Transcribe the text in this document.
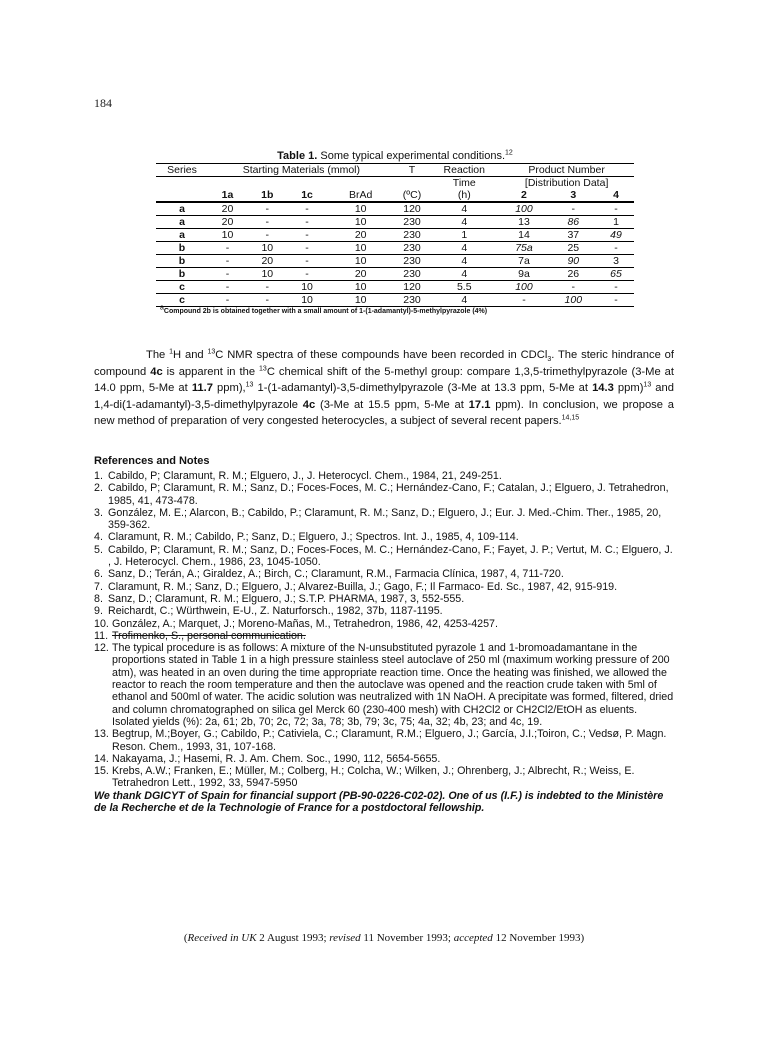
184
Table 1. Some typical experimental conditions.$^{12}$
Series	Starting Materials (mmol)				T	Reaction	Product Number		
						Time	[Distribution Data]		
	1a	1b	1c	BrAd	(ºC)	(h)	2	3	4
a	20	-	-	10	120	4	100	-	-
a	20	-	-	10	230	4	13	86	1
a	10	-	-	20	230	1	14	37	49
b	-	10	-	10	230	4	75a	25	-
b	-	20	-	10	230	4	7a	90	3
b	-	10	-	20	230	4	9a	26	65
c	-	-	10	10	120	5.5	100	-	-
c	-	-	10	10	230	4	-	100	-
$^a$Compound 2b is obtained together with a small amount of 1-(1-adamantyl)-5-methylpyrazole (4%)

The $^1$H and $^{13}$C NMR spectra of these compounds have been recorded in CDCl$_3$. The steric hindrance of compound 4c is apparent in the $^{13}$C chemical shift of the 5-methyl group: compare 1,3,5-trimethylpyrazole (3-Me at 14.0 ppm, 5-Me at 11.7 ppm),$^{13}$ 1-(1-adamantyl)-3,5-dimethylpyrazole (3-Me at 13.3 ppm, 5-Me at 14.3 ppm)$^{13}$ and 1,4-di(1-adamantyl)-3,5-dimethylpyrazole 4c (3-Me at 15.5 ppm, 5-Me at 17.1 ppm). In conclusion, we propose a new method of preparation of very congested heterocycles, a subject of several recent papers.$^{14,15}$

References and Notes
1. Cabildo, P; Claramunt, R. M.; Elguero, J., J. Heterocycl. Chem., 1984, 21, 249-251.
2. Cabildo, P; Claramunt, R. M.; Sanz, D.; Foces-Foces, M. C.; Hernández-Cano, F.; Catalan, J.; Elguero, J. Tetrahedron, 1985, 41, 473-478.
3. González, M. E.; Alarcon, B.; Cabildo, P.; Claramunt, R. M.; Sanz, D.; Elguero, J.; Eur. J. Med.-Chim. Ther., 1985, 20, 359-362.
4. Claramunt, R. M.; Cabildo, P.; Sanz, D.; Elguero, J.; Spectros. Int. J., 1985, 4, 109-114.
5. Cabildo, P; Claramunt, R. M.; Sanz, D.; Foces-Foces, M. C.; Hernández-Cano, F.; Fayet, J. P.; Vertut, M. C.; Elguero, J. , J. Heterocycl. Chem., 1986, 23, 1045-1050.
6. Sanz, D.; Terán, A.; Giraldez, A.; Birch, C.; Claramunt, R.M., Farmacia Clínica, 1987, 4, 711-720.
7. Claramunt, R. M.; Sanz, D.; Elguero, J.; Alvarez-Builla, J.; Gago, F.; Il Farmaco- Ed. Sc., 1987, 42, 915-919.
8. Sanz, D.; Claramunt, R. M.; Elguero, J.; S.T.P. PHARMA, 1987, 3, 552-555.
9. Reichardt, C.; Würthwein, E-U., Z. Naturforsch., 1982, 37b, 1187-1195.
10. González, A.; Marquet, J.; Moreno-Mañas, M., Tetrahedron, 1986, 42, 4253-4257.
11. Trofimenko, S., personal communication.
12. The typical procedure is as follows: A mixture of the N-unsubstituted pyrazole 1 and 1-bromoadamantane in the proportions stated in Table 1 in a high pressure stainless steel autoclave of 250 ml (maximum working pressure of 200 atm), was heated in an oven during the time appropriate reaction time. Once the heating was finished, we allowed the reactor to reach the room temperature and then the autoclave was opened and the reaction crude taken with 5ml of ethanol and 500ml of water. The acidic solution was neutralized with 1N NaOH. A precipitate was formed, filtered, dried and column chromatographed on silica gel Merck 60 (230-400 mesh) with CH2Cl2 or CH2Cl2/EtOH as eluents. Isolated yields (%): 2a, 61; 2b, 70; 2c, 72; 3a, 78; 3b, 79; 3c, 75; 4a, 32; 4b, 23; and 4c, 19.
13. Begtrup, M.;Boyer, G.; Cabildo, P.; Cativiela, C.; Claramunt, R.M.; Elguero, J.; García, J.I.;Toiron, C.; Vedsø, P. Magn. Reson. Chem., 1993, 31, 107-168.
14. Nakayama, J.; Hasemi, R. J. Am. Chem. Soc., 1990, 112, 5654-5655.
15. Krebs, A.W.; Franken, E.; Müller, M.; Colberg, H.; Colcha, W.; Wilken, J.; Ohrenberg, J.; Albrecht, R.; Weiss, E. Tetrahedron Lett., 1992, 33, 5947-5950
We thank DGICYT of Spain for financial support (PB-90-0226-C02-02). One of us (I.F.) is indebted to the Ministère de la Recherche et de la Technologie of France for a postdoctoral fellowship.
(Received in UK 2 August 1993; revised 11 November 1993; accepted 12 November 1993)
